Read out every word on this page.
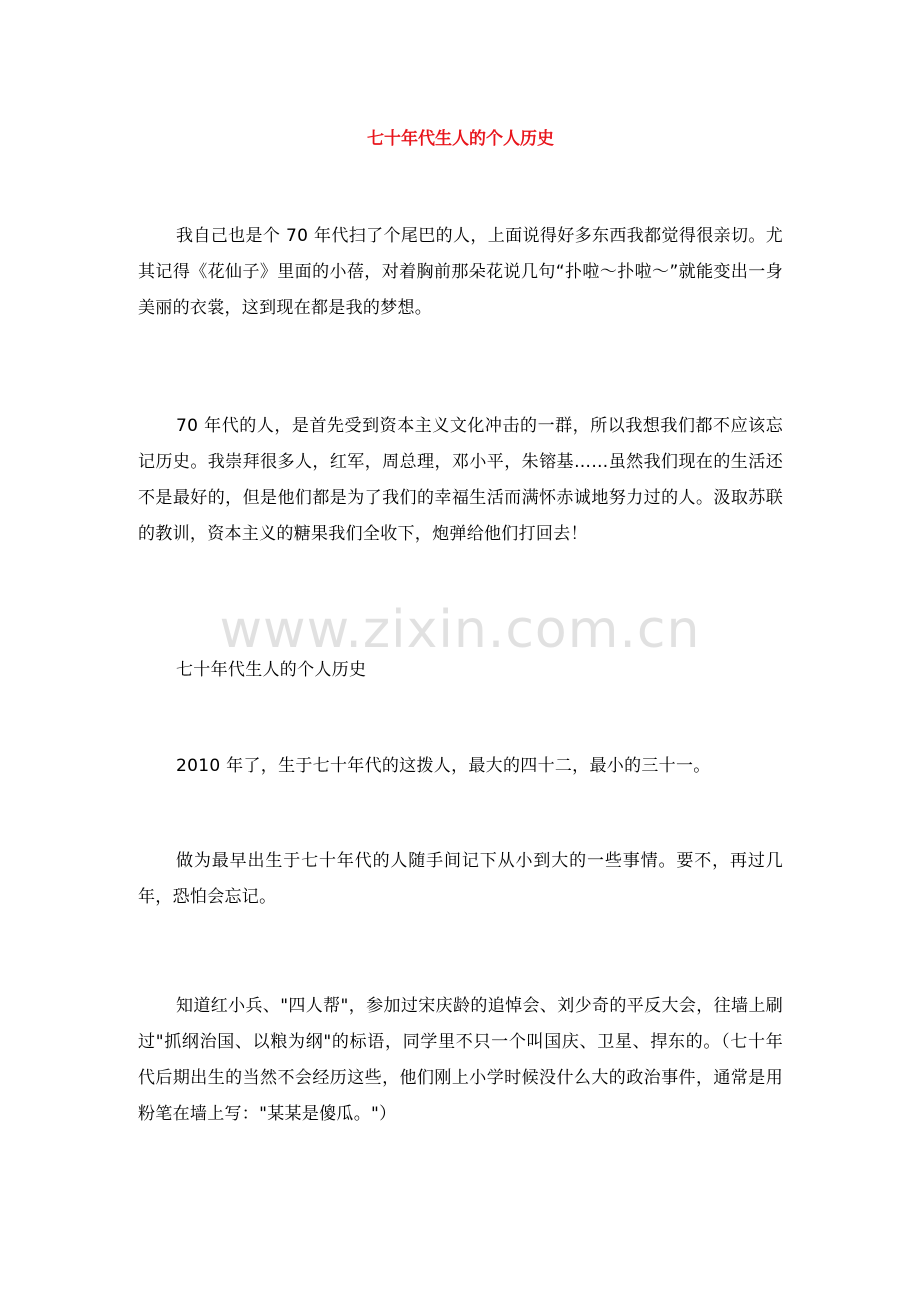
七十年代生人的个人历史

我自己也是个 70 年代扫了个尾巴的人，上面说得好多东西我都觉得很亲切。尤其记得《花仙子》里面的小蓓，对着胸前那朵花说几句“扑啦～扑啦～”就能变出一身美丽的衣裳，这到现在都是我的梦想。

70 年代的人，是首先受到资本主义文化冲击的一群，所以我想我们都不应该忘记历史。我崇拜很多人，红军，周总理，邓小平，朱镕基……虽然我们现在的生活还不是最好的，但是他们都是为了我们的幸福生活而满怀赤诚地努力过的人。汲取苏联的教训，资本主义的糖果我们全收下，炮弹给他们打回去！

七十年代生人的个人历史

2010 年了，生于七十年代的这拨人，最大的四十二，最小的三十一。

做为最早出生于七十年代的人随手间记下从小到大的一些事情。要不，再过几年，恐怕会忘记。

知道红小兵、"四人帮"，参加过宋庆龄的追悼会、刘少奇的平反大会，往墙上刷过"抓纲治国、以粮为纲"的标语，同学里不只一个叫国庆、卫星、捍东的。（七十年代后期出生的当然不会经历这些，他们刚上小学时候没什么大的政治事件，通常是用粉笔在墙上写："某某是傻瓜。"）

www.zixin.com.cn
